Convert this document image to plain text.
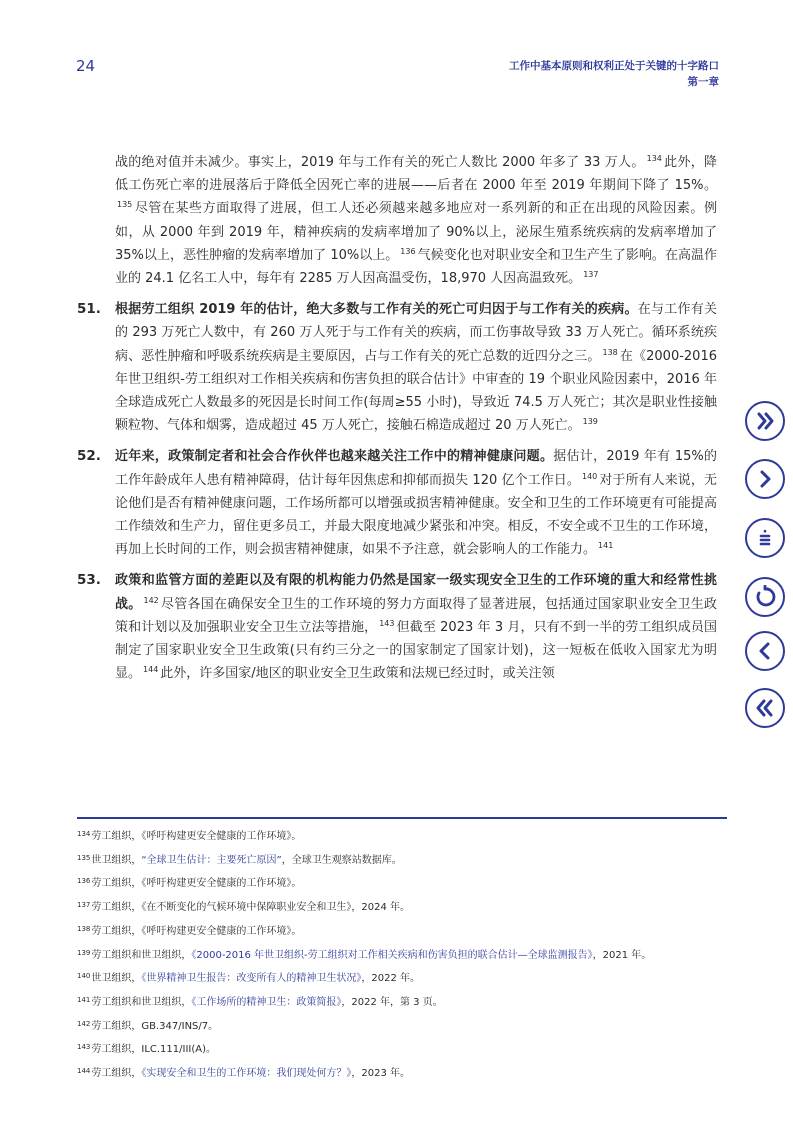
24	工作中基本原则和权利正处于关键的十字路口
第一章
战的绝对值并未减少。事实上，2019 年与工作有关的死亡人数比 2000 年多了 33 万人。 $^{134}$ 此外，降低工伤死亡率的进展落后于降低全因死亡率的进展——后者在 2000 年至 2019 年期间下降了 15%。$^{135}$ 尽管在某些方面取得了进展，但工人还必须越来越多地应对一系列新的和正在出现的风险因素。例如，从 2000 年到 2019 年，精神疾病的发病率增加了 90%以上，泌尿生殖系统疾病的发病率增加了 35%以上，恶性肿瘤的发病率增加了 10%以上。 $^{136}$ 气候变化也对职业安全和卫生产生了影响。在高温作业的 24.1 亿名工人中，每年有 2285 万人因高温受伤，18,970 人因高温致死。 $^{137}$
51. 根据劳工组织 2019 年的估计，绝大多数与工作有关的死亡可归因于与工作有关的疾病。在与工作有关的 293 万死亡人数中，有 260 万人死于与工作有关的疾病，而工伤事故导致 33 万人死亡。循环系统疾病、恶性肿瘤和呼吸系统疾病是主要原因，占与工作有关的死亡总数的近四分之三。 $^{138}$ 在《2000-2016 年世卫组织-劳工组织对工作相关疾病和伤害负担的联合估计》中审查的 19 个职业风险因素中，2016 年全球造成死亡人数最多的死因是长时间工作(每周≥55 小时)，导致近 74.5 万人死亡；其次是职业性接触颗粒物、气体和烟雾，造成超过 45 万人死亡，接触石棉造成超过 20 万人死亡。 $^{139}$
52. 近年来，政策制定者和社会合作伙伴也越来越关注工作中的精神健康问题。据估计，2019 年有 15%的工作年龄成年人患有精神障碍，估计每年因焦虑和抑郁而损失 120 亿个工作日。 $^{140}$ 对于所有人来说，无论他们是否有精神健康问题，工作场所都可以增强或损害精神健康。安全和卫生的工作环境更有可能提高工作绩效和生产力，留住更多员工，并最大限度地减少紧张和冲突。相反，不安全或不卫生的工作环境，再加上长时间的工作，则会损害精神健康，如果不予注意，就会影响人的工作能力。 $^{141}$
53. 政策和监管方面的差距以及有限的机构能力仍然是国家一级实现安全卫生的工作环境的重大和经常性挑战。 $^{142}$ 尽管各国在确保安全卫生的工作环境的努力方面取得了显著进展，包括通过国家职业安全卫生政策和计划以及加强职业安全卫生立法等措施， $^{143}$ 但截至 2023 年 3 月，只有不到一半的劳工组织成员国制定了国家职业安全卫生政策(只有约三分之一的国家制定了国家计划)，这一短板在低收入国家尤为明显。 $^{144}$ 此外，许多国家/地区的职业安全卫生政策和法规已经过时，或关注领
$^{134}$劳工组织，《呼吁构建更安全健康的工作环境》。
$^{135}$世卫组织，“全球卫生估计：主要死亡原因”，全球卫生观察站数据库。
$^{136}$劳工组织，《呼吁构建更安全健康的工作环境》。
$^{137}$劳工组织，《在不断变化的气候环境中保障职业安全和卫生》，2024 年。
$^{138}$劳工组织，《呼吁构建更安全健康的工作环境》。
$^{139}$劳工组织和世卫组织，《2000-2016 年世卫组织-劳工组织对工作相关疾病和伤害负担的联合估计—全球监测报告》，2021 年。
$^{140}$世卫组织，《世界精神卫生报告：改变所有人的精神卫生状况》，2022 年。
$^{141}$劳工组织和世卫组织，《工作场所的精神卫生：政策简报》，2022 年，第 3 页。
$^{142}$劳工组织，GB.347/INS/7。
$^{143}$劳工组织，ILC.111/III(A)。
$^{144}$劳工组织，《实现安全和卫生的工作环境：我们现处何方？》，2023 年。
